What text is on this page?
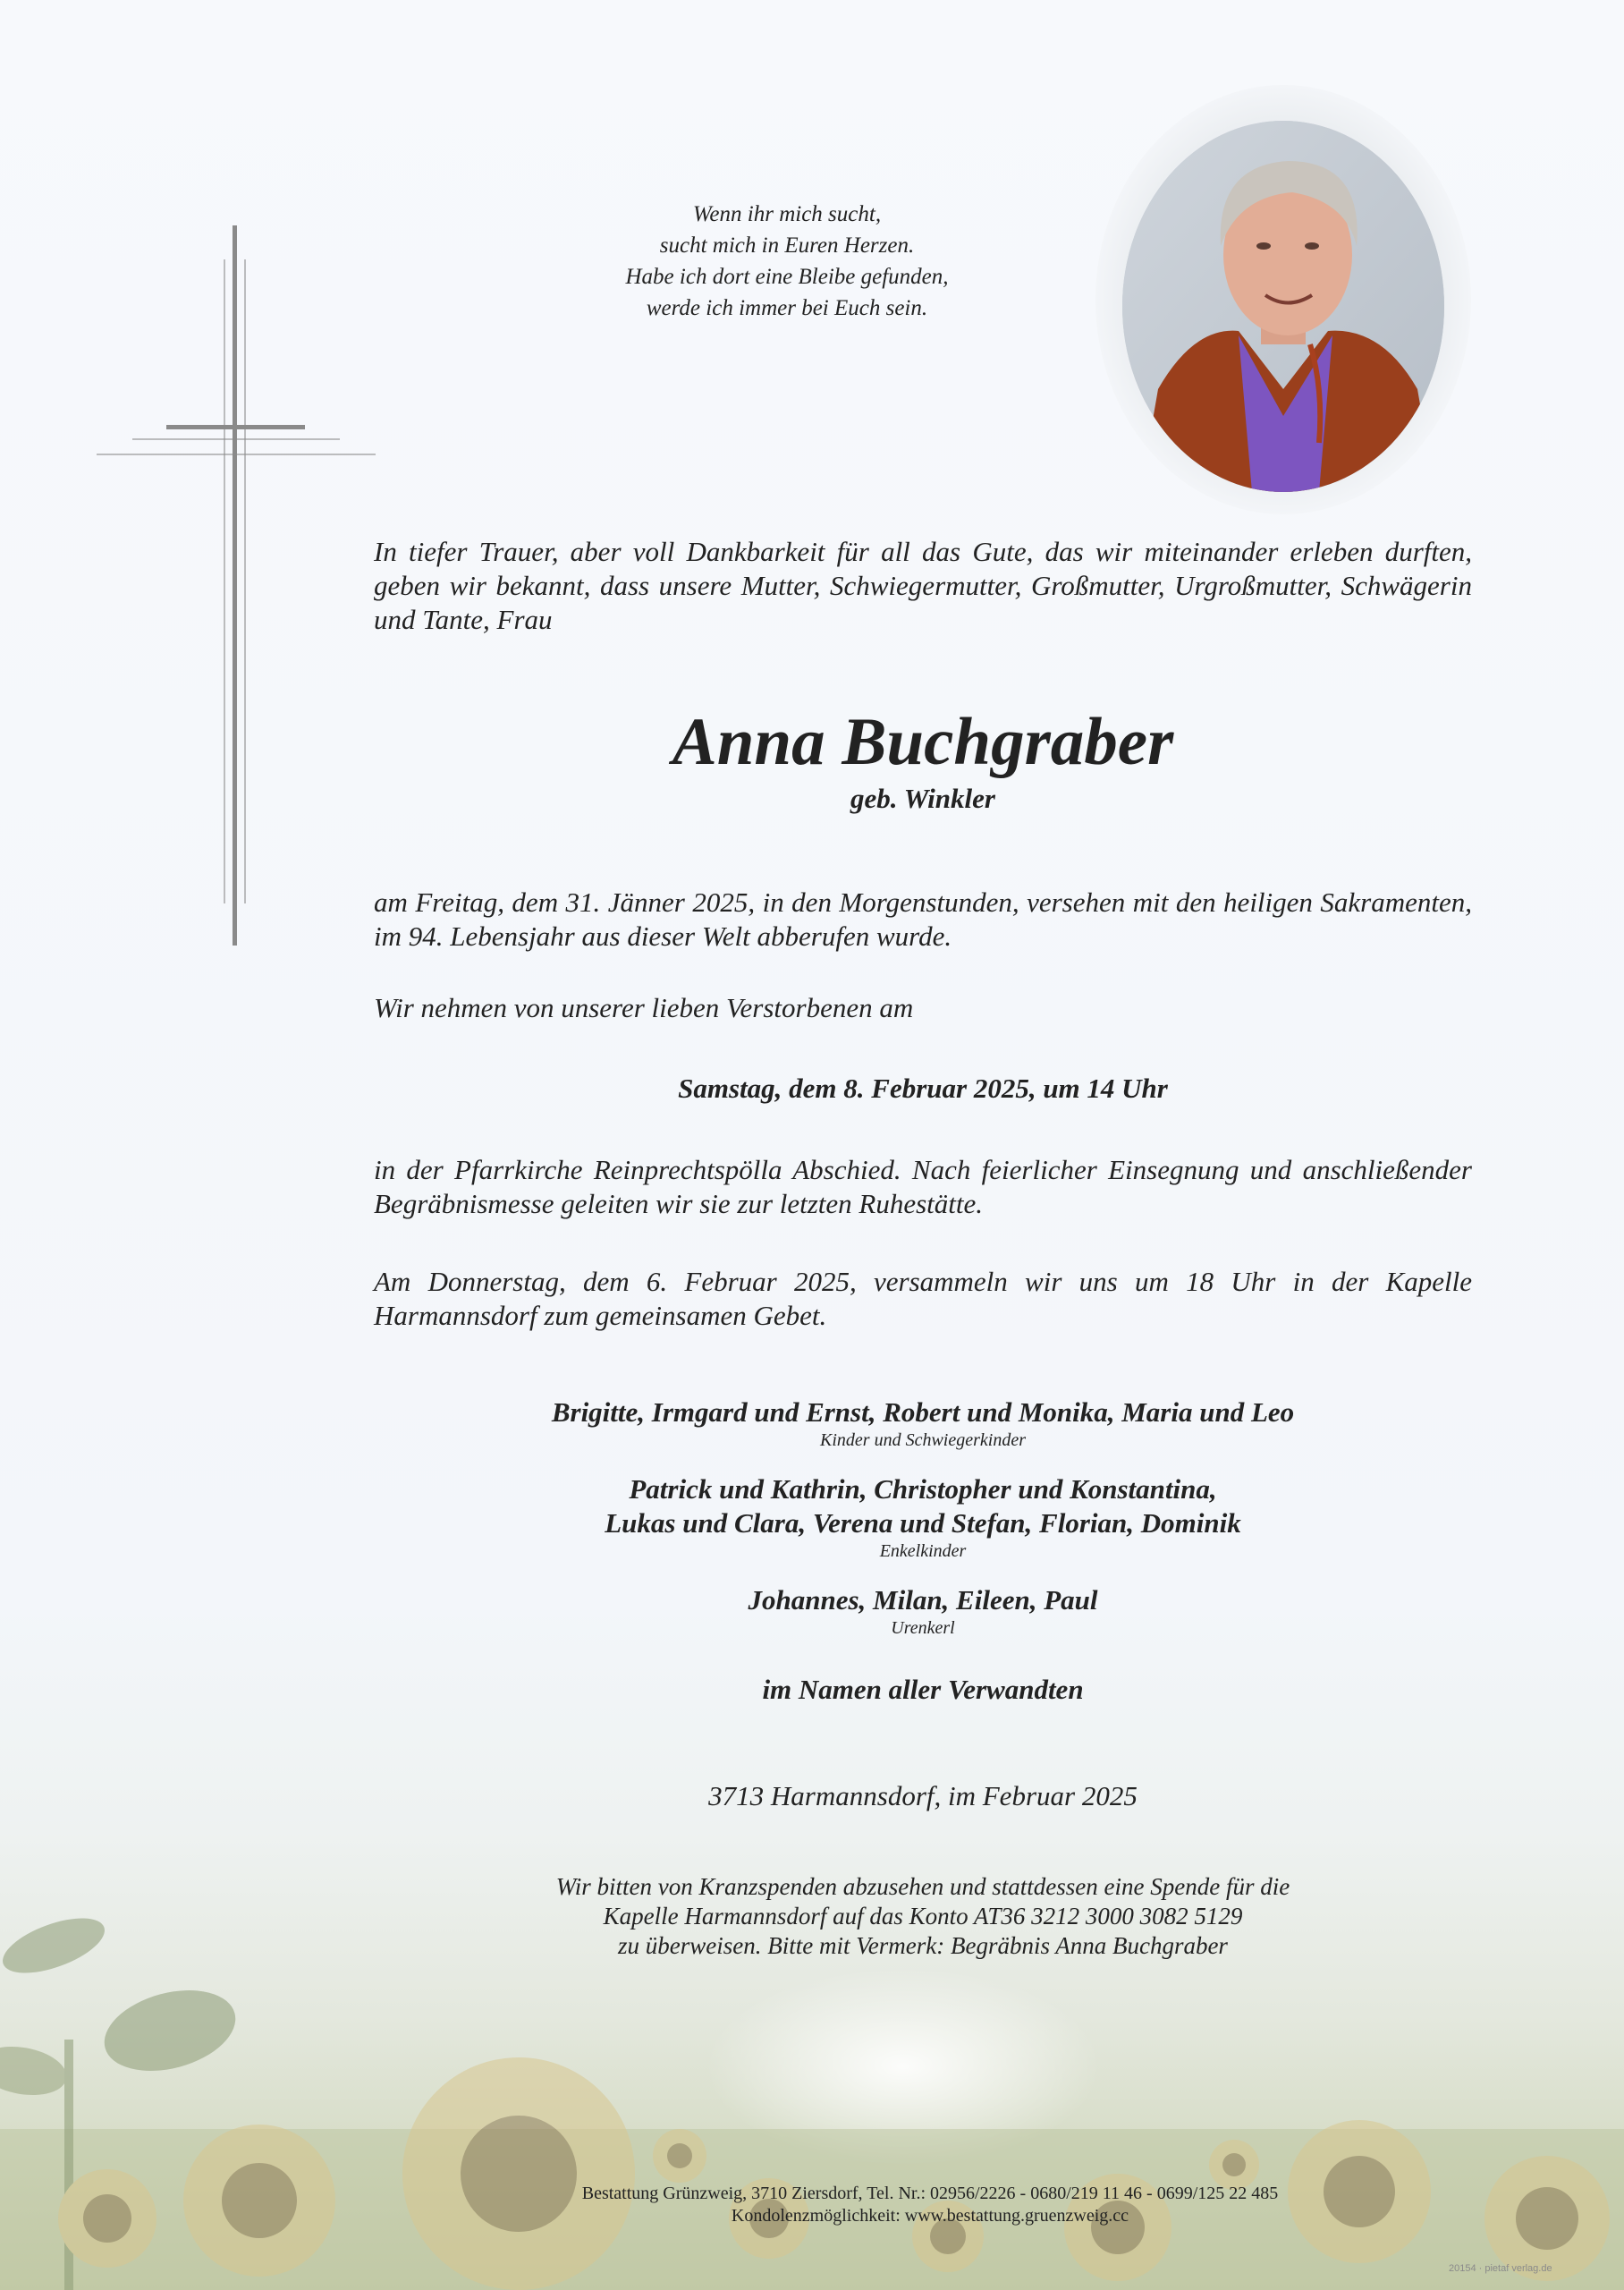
Wenn ihr mich sucht,
sucht mich in Euren Herzen.
Habe ich dort eine Bleibe gefunden,
werde ich immer bei Euch sein.
In tiefer Trauer, aber voll Dankbarkeit für all das Gute, das wir miteinander erleben durften, geben wir bekannt, dass unsere Mutter, Schwiegermutter, Großmutter, Urgroßmutter, Schwägerin und Tante, Frau
Anna Buchgraber
geb. Winkler
am Freitag, dem 31. Jänner 2025, in den Morgenstunden, versehen mit den heiligen Sakramenten, im 94. Lebensjahr aus dieser Welt abberufen wurde.
Wir nehmen von unserer lieben Verstorbenen am
Samstag, dem 8. Februar 2025, um 14 Uhr
in der Pfarrkirche Reinprechtspölla Abschied. Nach feierlicher Einsegnung und anschließender Begräbnismesse geleiten wir sie zur letzten Ruhestätte.
Am Donnerstag, dem 6. Februar 2025, versammeln wir uns um 18 Uhr in der Kapelle Harmannsdorf zum gemeinsamen Gebet.
Brigitte, Irmgard und Ernst, Robert und Monika, Maria und Leo
Kinder und Schwiegerkinder
Patrick und Kathrin, Christopher und Konstantina,
Lukas und Clara, Verena und Stefan, Florian, Dominik
Enkelkinder
Johannes, Milan, Eileen, Paul
Urenkerl
im Namen aller Verwandten
3713 Harmannsdorf, im Februar 2025
Wir bitten von Kranzspenden abzusehen und stattdessen eine Spende für die
Kapelle Harmannsdorf auf das Konto AT36 3212 3000 3082 5129
zu überweisen. Bitte mit Vermerk: Begräbnis Anna Buchgraber
Bestattung Grünzweig, 3710 Ziersdorf, Tel. Nr.: 02956/2226 - 0680/219 11 46 - 0699/125 22 485
Kondolenzmöglichkeit: www.bestattung.gruenzweig.cc
20154 · pietaf verlag.de
